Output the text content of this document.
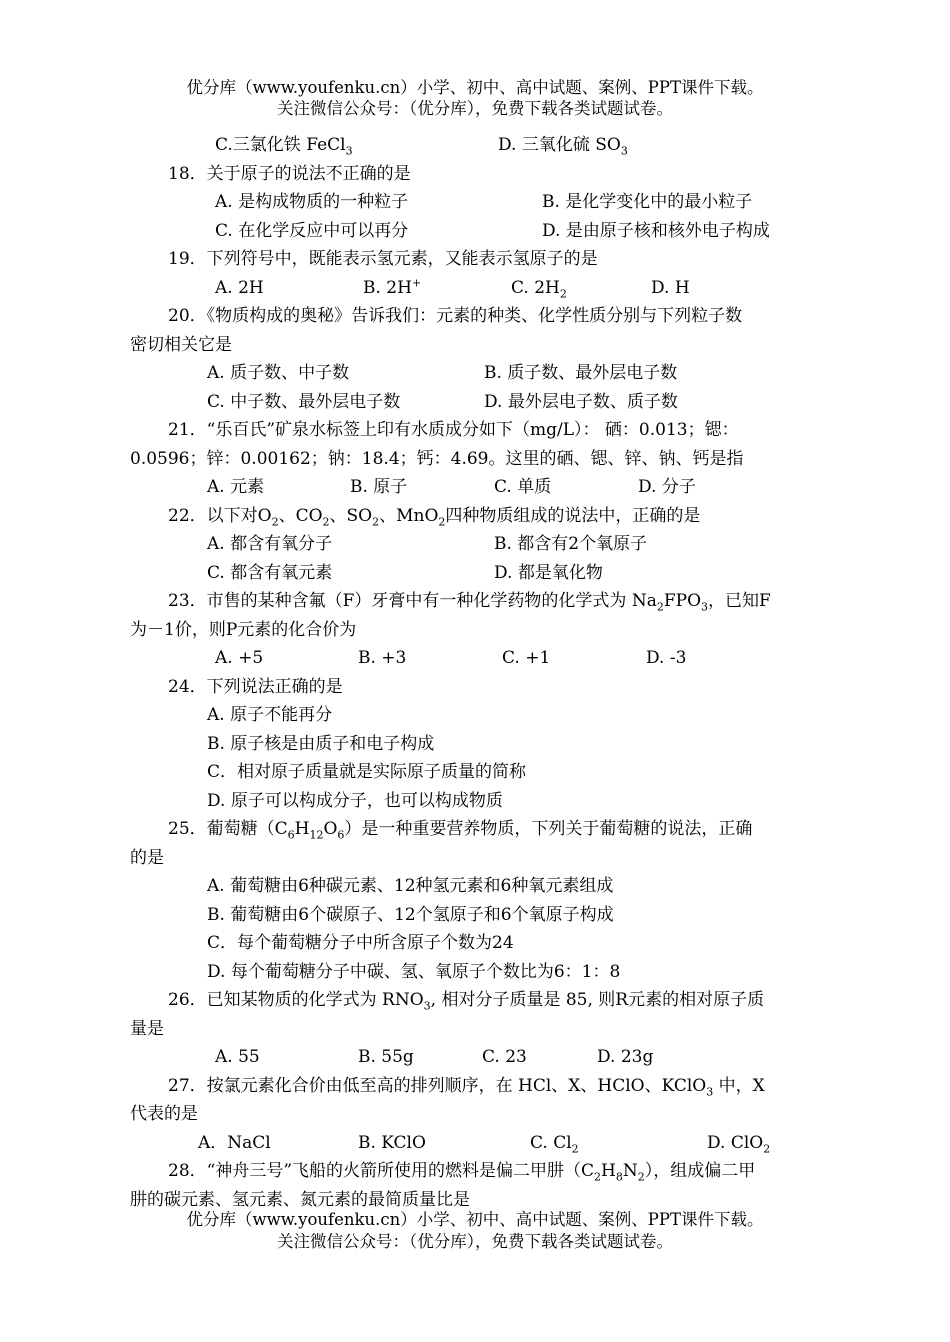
优分库（www.youfenku.cn）小学、初中、高中试题、案例、PPT课件下载。
关注微信公众号：（优分库），免费下载各类试题试卷。
C.三氯化铁 FeCl$_3$	D. 三氧化硫 $SO_3$
18．关于原子的说法不正确的是
A. 是构成物质的一种粒子	B. 是化学变化中的最小粒子
C. 在化学反应中可以再分	D. 是由原子核和核外电子构成
19．下列符号中，既能表示氢元素，又能表示氢原子的是
A. 2H	B. 2H+	C. $2H_2$	D. H
20．《物质构成的奥秘》告诉我们：元素的种类、化学性质分别与下列粒子数
密切相关它是
A. 质子数、中子数	B. 质子数、最外层电子数
C. 中子数、最外层电子数	D. 最外层电子数、质子数
21．“乐百氏”矿泉水标签上印有水质成分如下（mg/L）： 硒：0.013；锶：
0.0596；锌：0.00162；钠：18.4；钙：4.69。这里的硒、锶、锌、钠、钙是指
A. 元素	B. 原子	C. 单质	D. 分子
22．以下对$O_2$、$CO_2$、$SO_2$、MnO$_2$四种物质组成的说法中，正确的是
A. 都含有氧分子	B. 都含有2个氧原子
C. 都含有氧元素	D. 都是氧化物
23．市售的某种含氟（F）牙膏中有一种化学药物的化学式为 $Na_2FPO_3$，已知F
为－1价，则P元素的化合价为
A. +5	B. +3	C. +1	D. -3
24．下列说法正确的是
A. 原子不能再分
B. 原子核是由质子和电子构成
C．相对原子质量就是实际原子质量的简称
D. 原子可以构成分子，也可以构成物质
25．葡萄糖$(C_6H_{12}O_6)$是一种重要营养物质，下列关于葡萄糖的说法，正确
的是
A. 葡萄糖由6种碳元素、12种氢元素和6种氧元素组成
B. 葡萄糖由6个碳原子、12个氢原子和6个氧原子构成
C．每个葡萄糖分子中所含原子个数为24
D. 每个葡萄糖分子中碳、氢、氧原子个数比为6：1：8
26．已知某物质的化学式为 $RNO_3$, 相对分子质量是 85, 则R元素的相对原子质
量是
A. 55	B. 55g	C. 23	D. 23g
27．按氯元素化合价由低至高的排列顺序，在 HCl、X、HClO、KClO$_3$ 中，X
代表的是
A．NaCl	B. KClO	C. $Cl_2$	D. ClO$_2$
28．“神舟三号”飞船的火箭所使用的燃料是偏二甲肼$(C_2H_8N_2)$，组成偏二甲
肼的碳元素、氢元素、氮元素的最简质量比是
优分库（www.youfenku.cn）小学、初中、高中试题、案例、PPT课件下载。
关注微信公众号：（优分库），免费下载各类试题试卷。
